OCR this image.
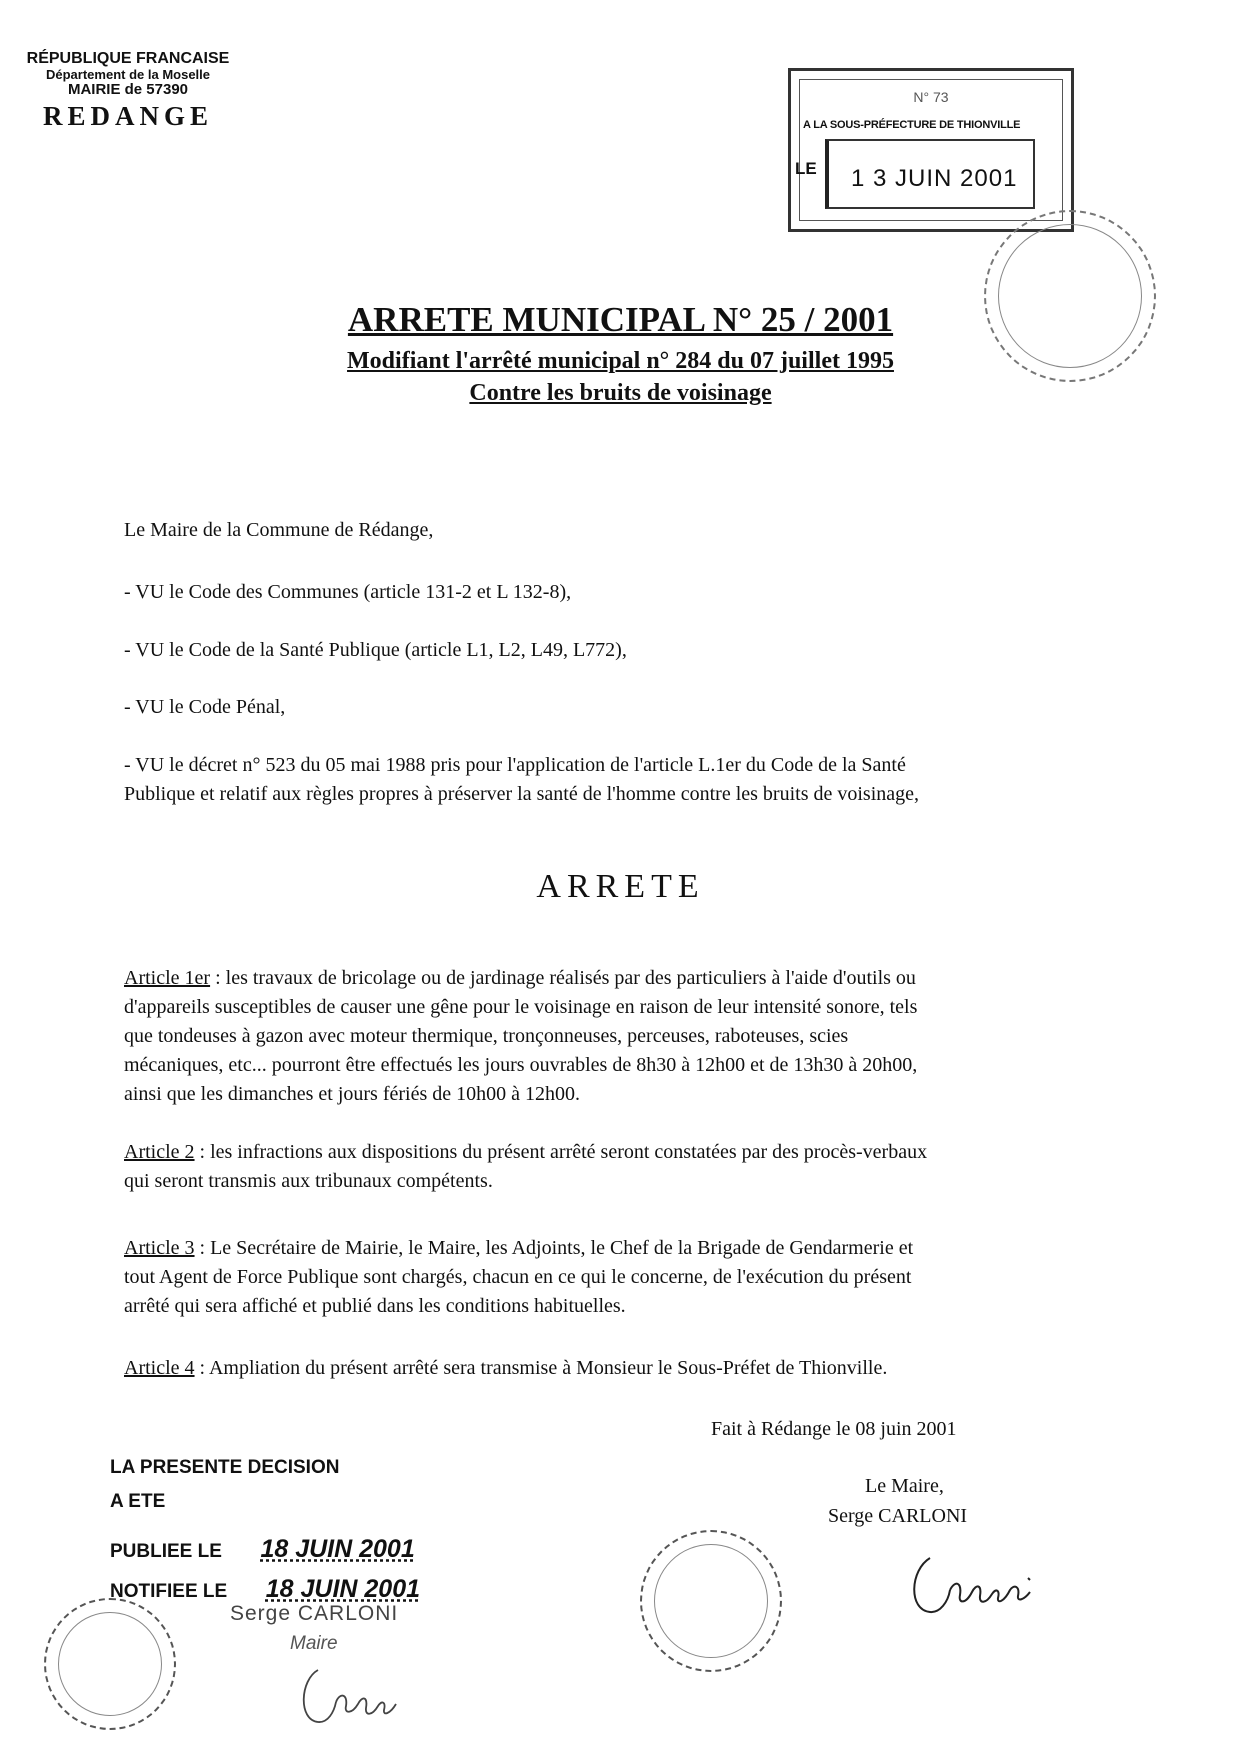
RÉPUBLIQUE FRANCAISE
Département de la Moselle
MAIRIE de 57390
REDANGE
N° 73
A LA SOUS-PRÉFECTURE DE THIONVILLE
LE 1 3 JUIN 2001
ARRETE MUNICIPAL N° 25 / 2001
Modifiant l'arrêté municipal n° 284 du 07 juillet 1995
Contre les bruits de voisinage
Le Maire de la Commune de Rédange,
- VU le Code des Communes (article 131-2 et L 132-8),
- VU le Code de la Santé Publique (article L1, L2, L49, L772),
- VU le Code Pénal,
- VU le décret n° 523 du 05 mai 1988 pris pour l'application de l'article L.1er du Code de la Santé
Publique et relatif aux règles propres à préserver la santé de l'homme contre les bruits de voisinage,
ARRETE
Article 1er : les travaux de bricolage ou de jardinage réalisés par des particuliers à l'aide d'outils ou
d'appareils susceptibles de causer une gêne pour le voisinage en raison de leur intensité sonore, tels
que tondeuses à gazon avec moteur thermique, tronçonneuses, perceuses, raboteuses, scies
mécaniques, etc... pourront être effectués les jours ouvrables de 8h30 à 12h00 et de 13h30 à 20h00,
ainsi que les dimanches et jours fériés de 10h00 à 12h00.
Article 2 : les infractions aux dispositions du présent arrêté seront constatées par des procès-verbaux
qui seront transmis aux tribunaux compétents.
Article 3 : Le Secrétaire de Mairie, le Maire, les Adjoints, le Chef de la Brigade de Gendarmerie et
tout Agent de Force Publique sont chargés, chacun en ce qui le concerne, de l'exécution du présent
arrêté qui sera affiché et publié dans les conditions habituelles.
Article 4 : Ampliation du présent arrêté sera transmise à Monsieur le Sous-Préfet de Thionville.
Fait à Rédange le 08 juin 2001
Le Maire,
Serge CARLONI
LA PRESENTE DECISION
A ETE
PUBLIEE LE 18 JUIN 2001
NOTIFIEE LE 18 JUIN 2001
Serge CARLONI
Maire
